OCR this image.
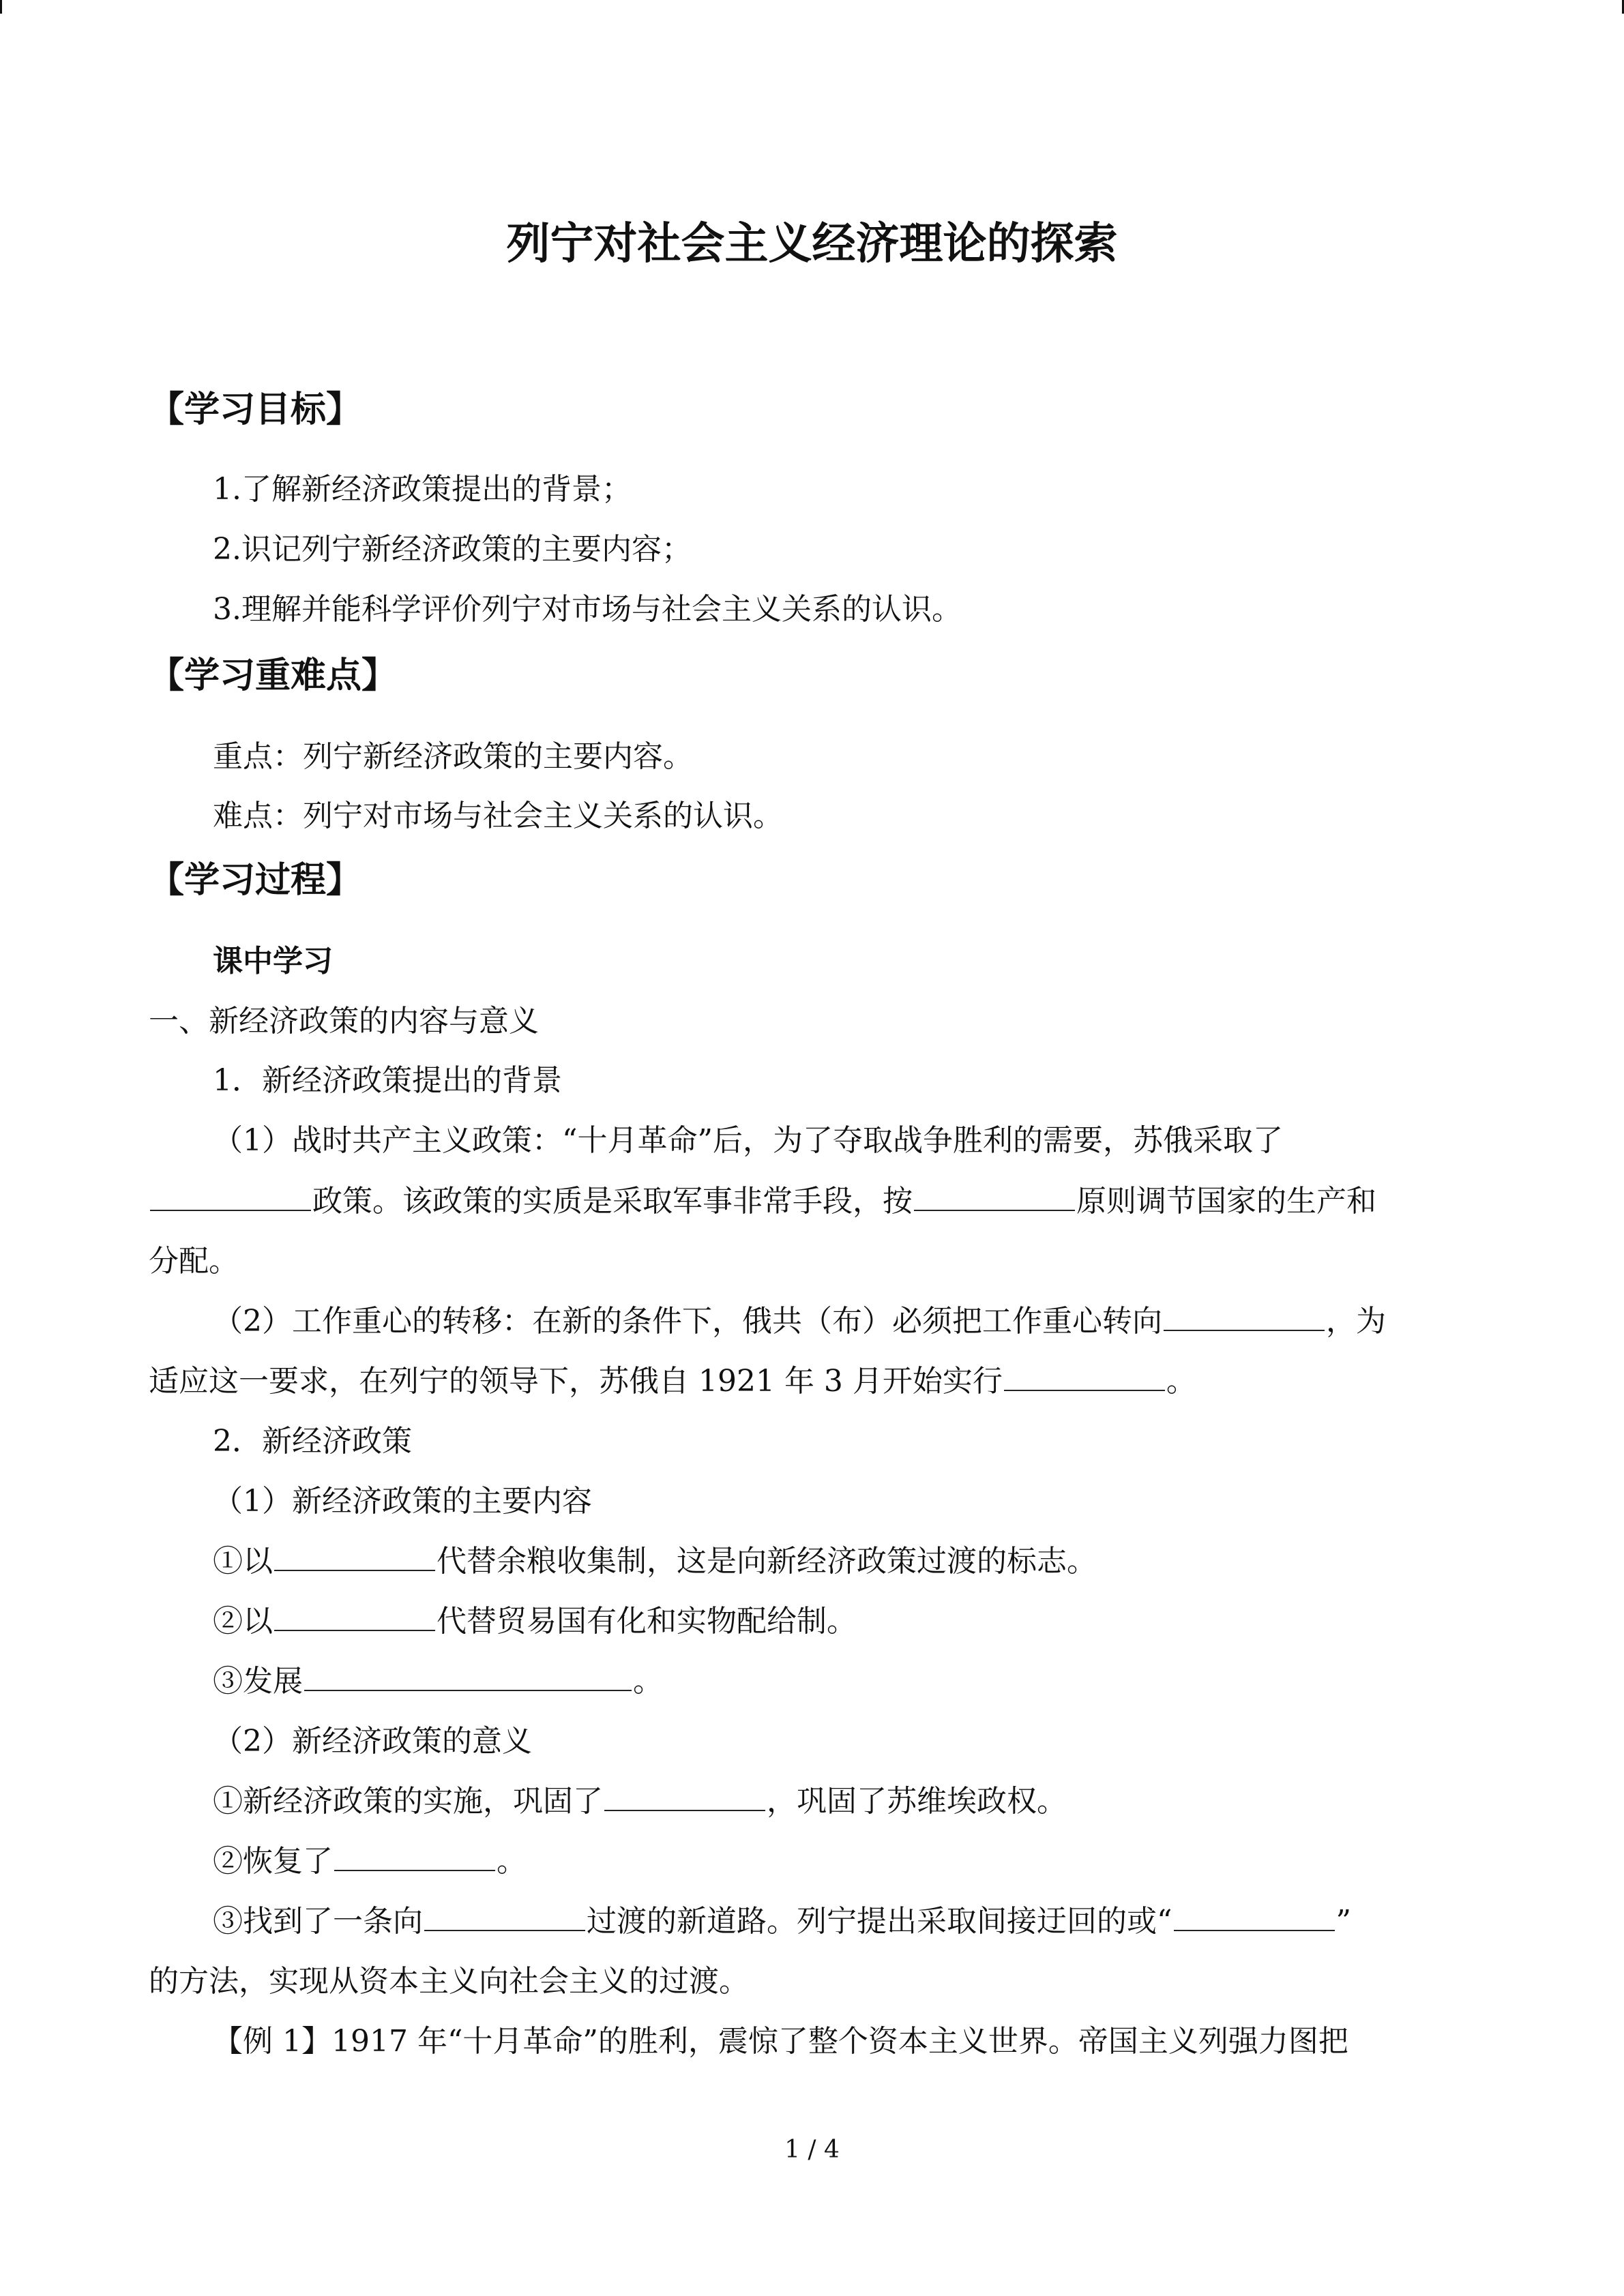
列宁对社会主义经济理论的探索
【学习目标】
1.了解新经济政策提出的背景；
2.识记列宁新经济政策的主要内容；
3.理解并能科学评价列宁对市场与社会主义关系的认识。
【学习重难点】
重点：列宁新经济政策的主要内容。
难点：列宁对市场与社会主义关系的认识。
【学习过程】
课中学习
一、新经济政策的内容与意义
1．新经济政策提出的背景
（1）战时共产主义政策：“十月革命”后，为了夺取战争胜利的需要，苏俄采取了
政策。该政策的实质是采取军事非常手段，按	原则调节国家的生产和
分配。
（2）工作重心的转移：在新的条件下，俄共（布）必须把工作重心转向	，为
适应这一要求，在列宁的领导下，苏俄自 1921 年 3 月开始实行	。
2．新经济政策
（1）新经济政策的主要内容
①以	代替余粮收集制，这是向新经济政策过渡的标志。
②以	代替贸易国有化和实物配给制。
③发展	。
（2）新经济政策的意义
①新经济政策的实施，巩固了	，巩固了苏维埃政权。
②恢复了	。
③找到了一条向	过渡的新道路。列宁提出采取间接迂回的或“	”
的方法，实现从资本主义向社会主义的过渡。
【例 1】1917 年“十月革命”的胜利，震惊了整个资本主义世界。帝国主义列强力图把
1 / 4
